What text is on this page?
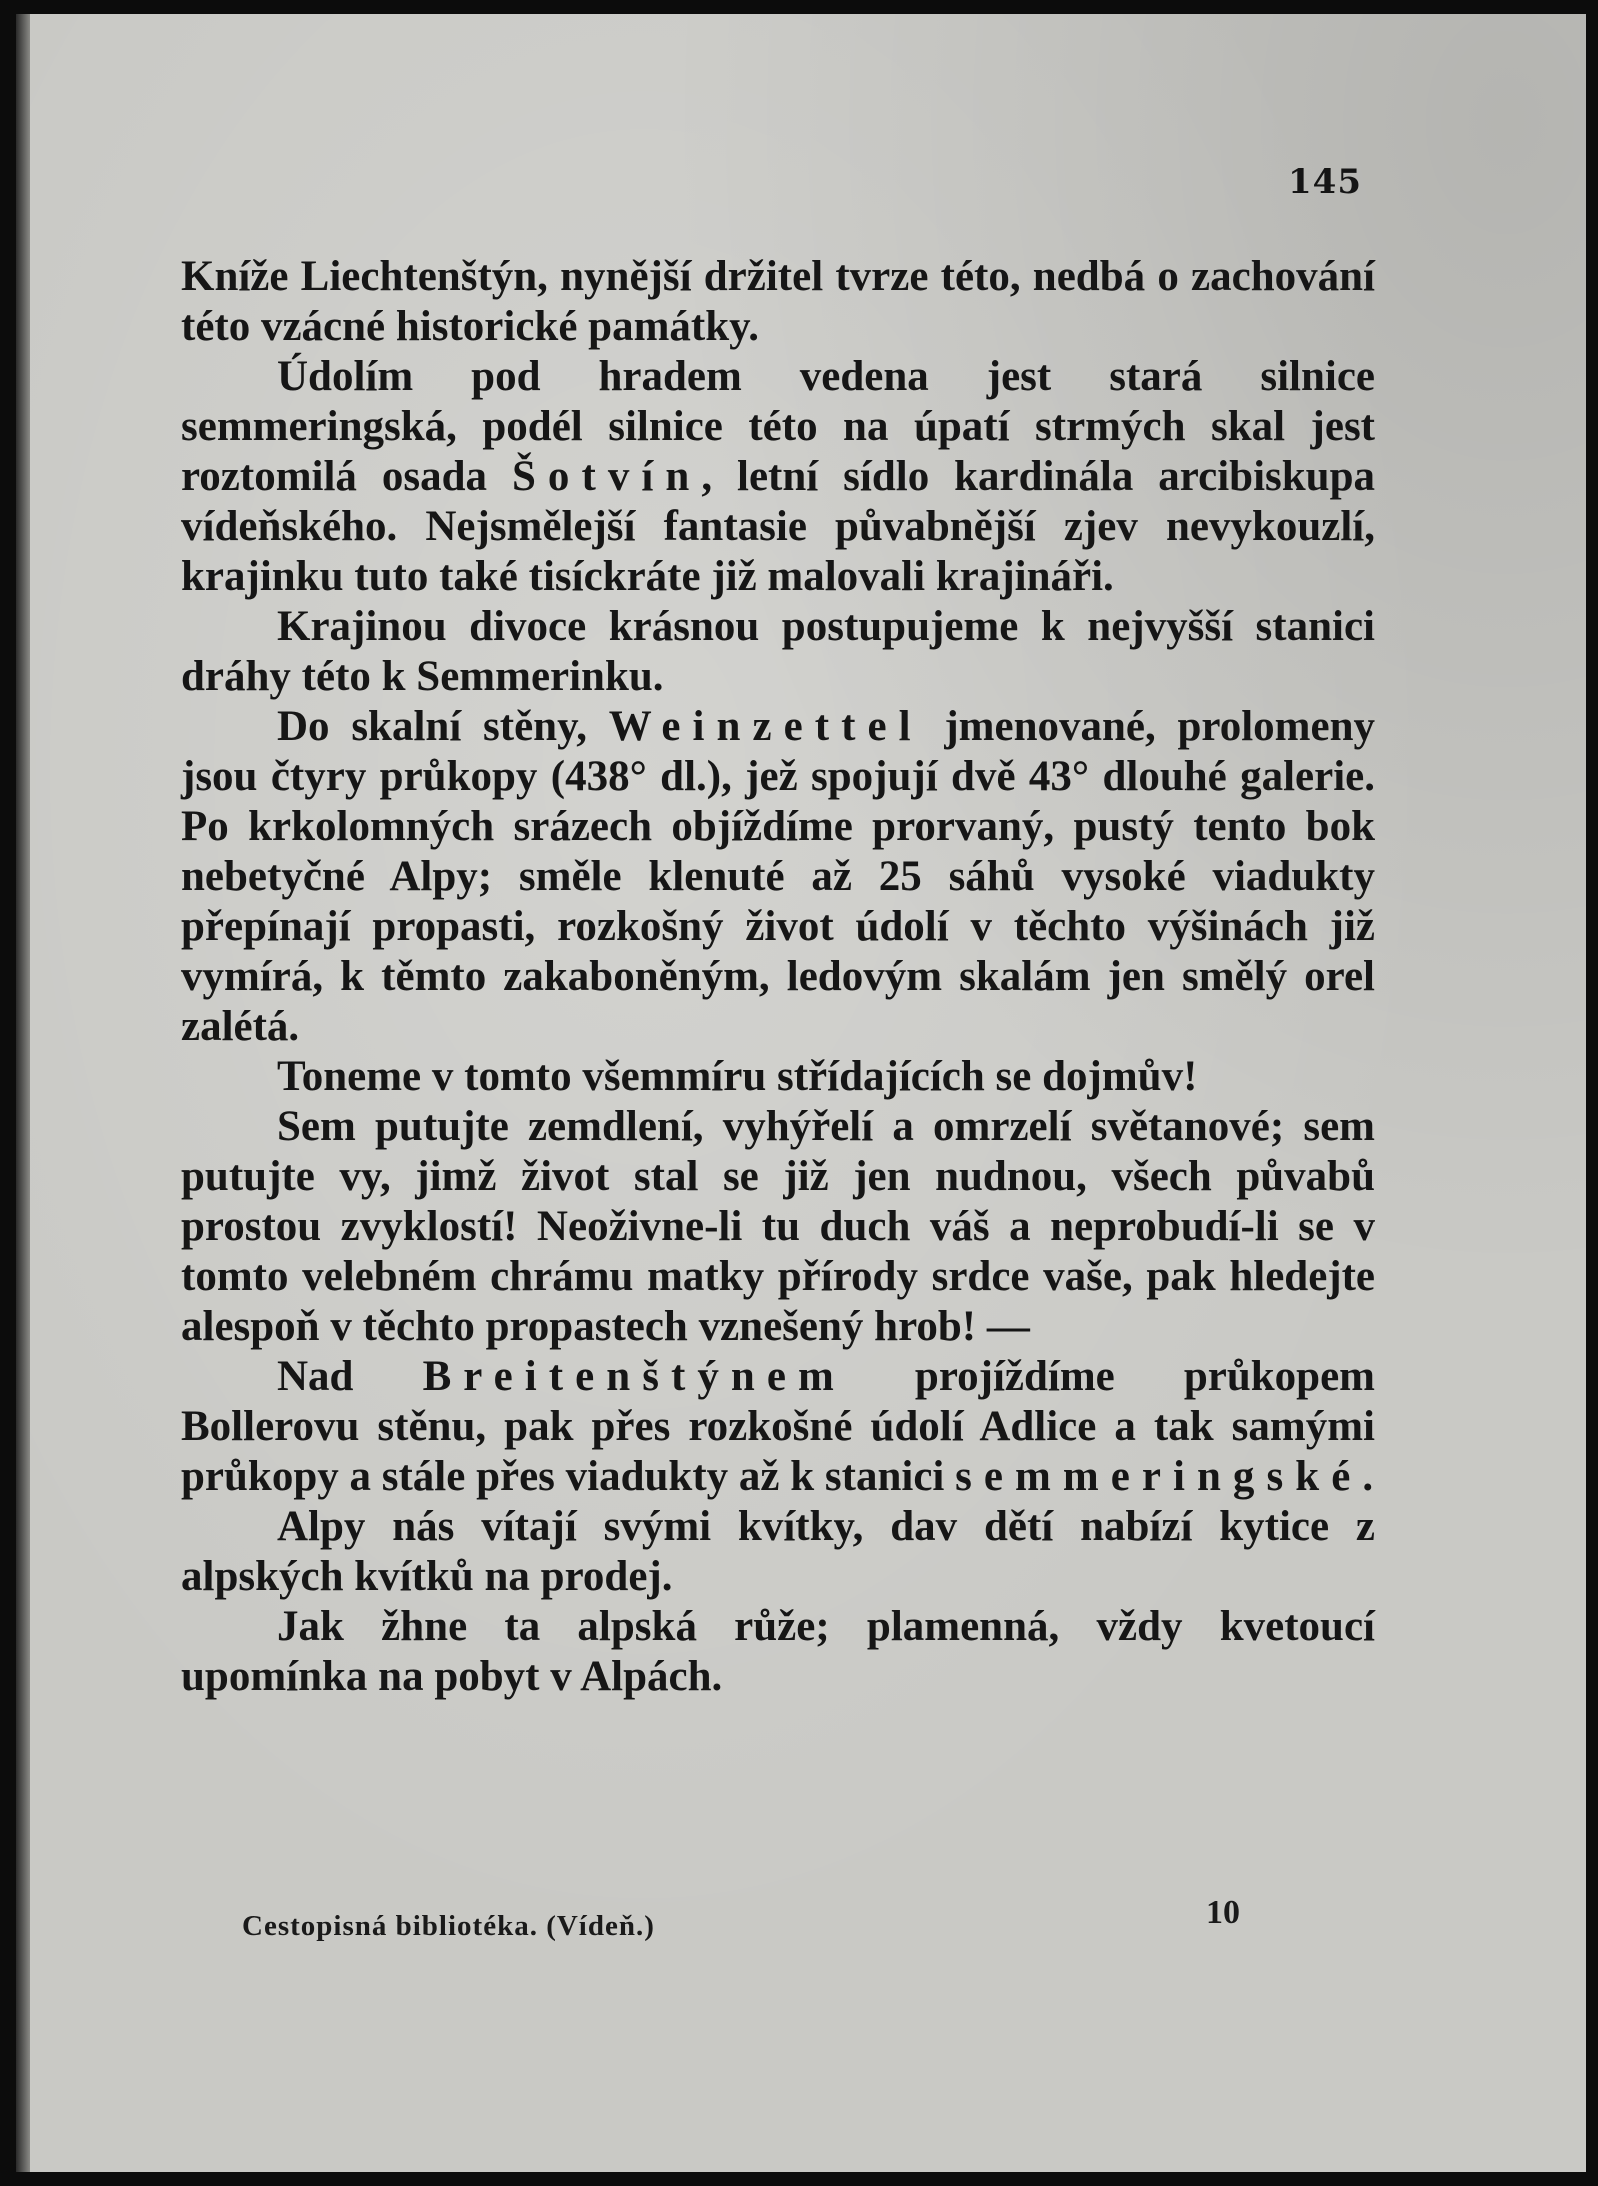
145

Kníže Liechtenštýn, nynější držitel tvrze této, nedbá o zachování této vzácné historické památky.

Údolím pod hradem vedena jest stará silnice semmeringská, podél silnice této na úpatí strmých skal jest roztomilá osada Šotvín, letní sídlo kardinála arcibiskupa vídeňského. Nejsmělejší fantasie půvabnější zjev nevykouzlí, krajinku tuto také tisíckráte již malovali krajináři.

Krajinou divoce krásnou postupujeme k nejvyšší stanici dráhy této k Semmerinku.

Do skalní stěny, Weinzettel jmenované, prolomeny jsou čtyry průkopy (438° dl.), jež spojují dvě 43° dlouhé galerie. Po krkolomných srázech objíždíme prorvaný, pustý tento bok nebetyčné Alpy; směle klenuté až 25 sáhů vysoké viadukty přepínají propasti, rozkošný život údolí v těchto výšinách již vymírá, k těmto zakaboněným, ledovým skalám jen smělý orel zalétá.

Toneme v tomto všemmíru střídajících se dojmův!

Sem putujte zemdlení, vyhýřelí a omrzelí světanové; sem putujte vy, jimž život stal se již jen nudnou, všech půvabů prostou zvyklostí! Neoživne-li tu duch váš a neprobudí-li se v tomto velebném chrámu matky přírody srdce vaše, pak hledejte alespoň v těchto propastech vznešený hrob! —

Nad Breitenštýnem projíždíme průkopem Bollerovu stěnu, pak přes rozkošné údolí Adlice a tak samými průkopy a stále přes viadukty až k stanici semmeringské.

Alpy nás vítají svými kvítky, dav dětí nabízí kytice z alpských kvítků na prodej.

Jak žhne ta alpská růže; plamenná, vždy kvetoucí upomínka na pobyt v Alpách.

Cestopisná bibliotéka. (Vídeň.)	10
